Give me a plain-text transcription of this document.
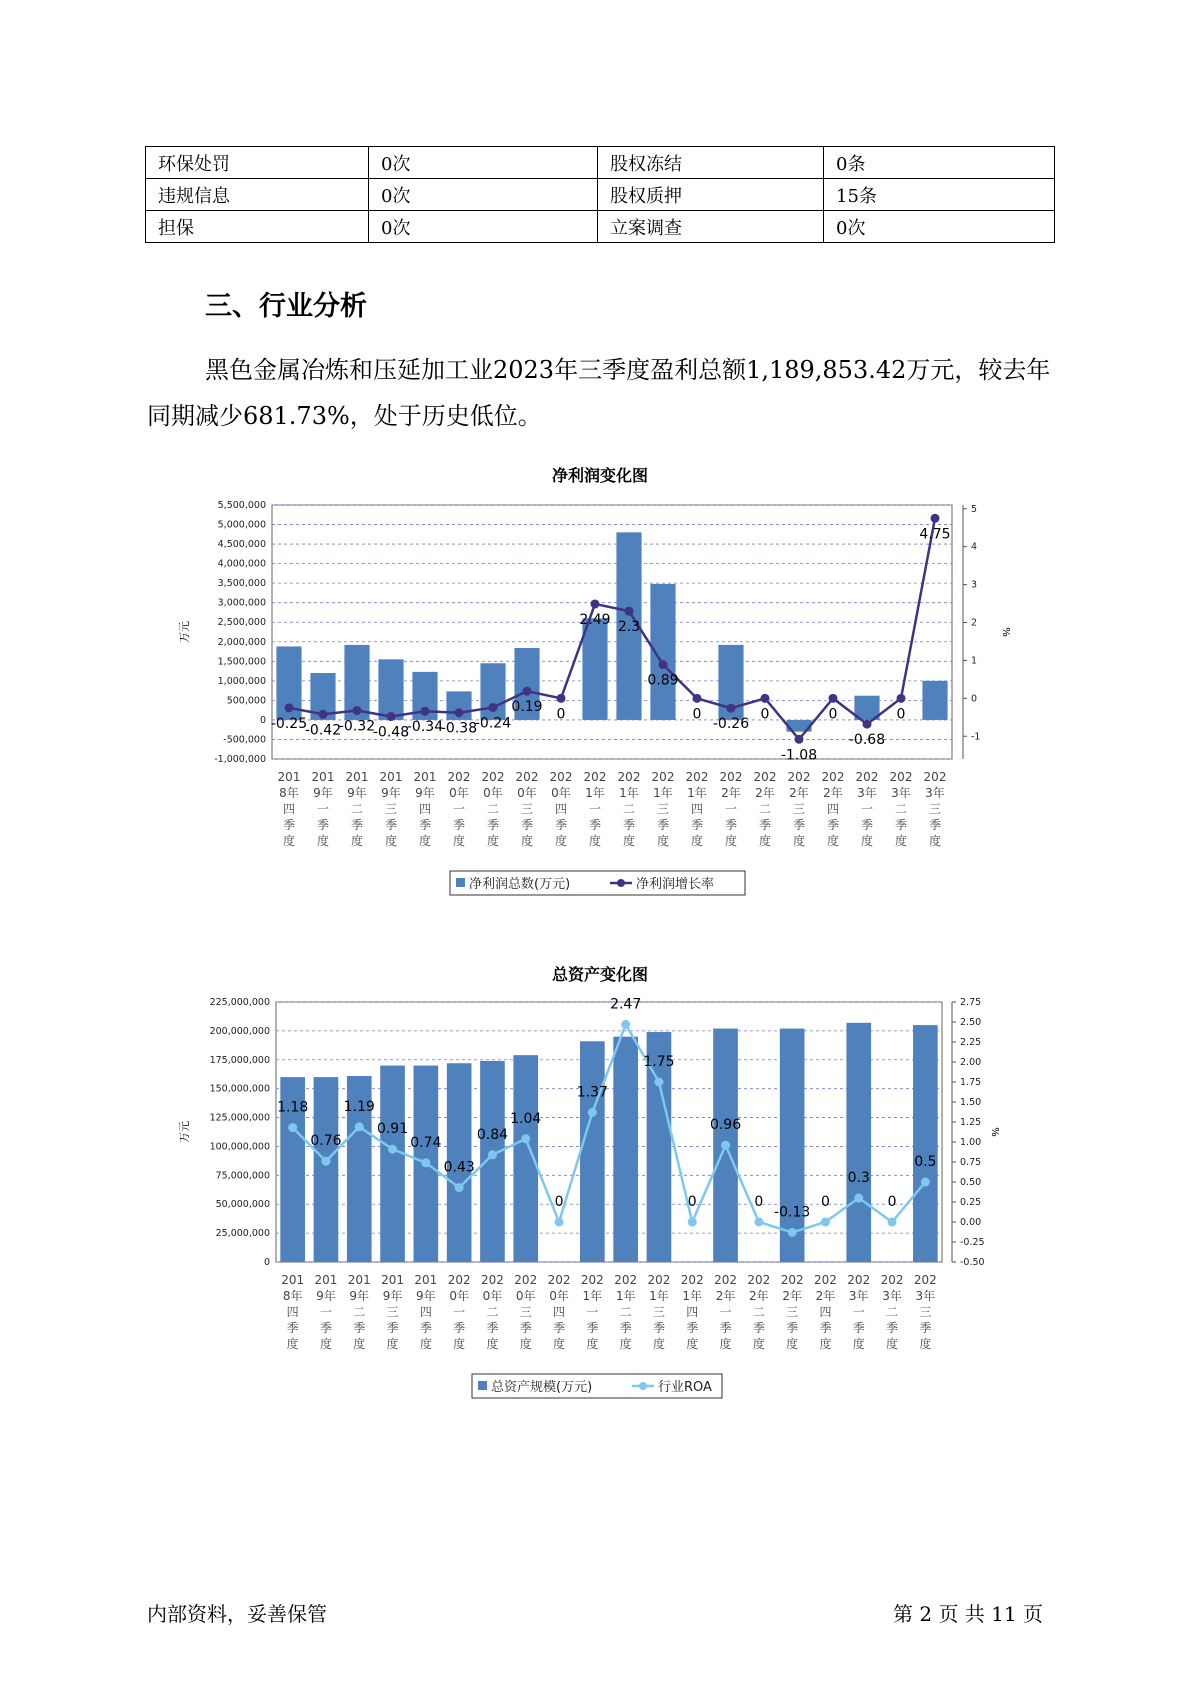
环保处罚	0次	股权冻结	0条
违规信息	0次	股权质押	15条
担保	0次	立案调查	0次
三、行业分析
黑色金属冶炼和压延加工业2023年三季度盈利总额1,189,853.42万元，较去年同期减少681.73%，处于历史低位。
净利润变化图
5,500,000
5,000,000
4,500,000
4,000,000
3,500,000
3,000,000
2,500,000
2,000,000
1,500,000
1,000,000
500,000
0
-500,000
-1,000,000
5
4
3
2
1
0
-1
万元	%
-0.25
-0.42
-0.32
-0.48
-0.34
-0.38
-0.24
0.19 0
2.49 2.3
0.89
0
-0.26
0
-1.08
0
-0.68
0
4.75
201
8年
四
季
度
201
9年
一
季
度
201
9年
二
季
度
201
9年
三
季
度
201
9年
四
季
度
202
0年
一
季
度
202
0年
二
季
度
202
0年
三
季
度
202
0年
四
季
度
202
1年
一
季
度
202
1年
二
季
度
202
1年
三
季
度
202
1年
四
季
度
202
2年
一
季
度
202
2年
二
季
度
202
2年
三
季
度
202
2年
四
季
度
202
3年
一
季
度
202
3年
二
季
度
202
3年
三
季
度
净利润总数(万元)	净利润增长率
总资产变化图
225,000,000
200,000,000
175,000,000
150,000,000
125,000,000
100,000,000
75,000,000
50,000,000
25,000,000
0
2.75
2.50
2.25
2.00
1.75
1.50
1.25
1.00
0.75
0.50
0.25
0.00
-0.25
-0.50
万元	%
1.18
0.76
1.19
0.91
0.74
0.43
0.84
1.04
0
1.37
2.47
1.75
0
0.96
0
-0.13
0
0.3
0
0.5
201
8年
四
季
度
201
9年
一
季
度
201
9年
二
季
度
201
9年
三
季
度
201
9年
四
季
度
202
0年
一
季
度
202
0年
二
季
度
202
0年
三
季
度
202
0年
四
季
度
202
1年
一
季
度
202
1年
二
季
度
202
1年
三
季
度
202
1年
四
季
度
202
2年
一
季
度
202
2年
二
季
度
202
2年
三
季
度
202
2年
四
季
度
202
3年
一
季
度
202
3年
二
季
度
202
3年
三
季
度
总资产规模(万元)	行业ROA
内部资料，妥善保管	第 2 页 共 11 页
